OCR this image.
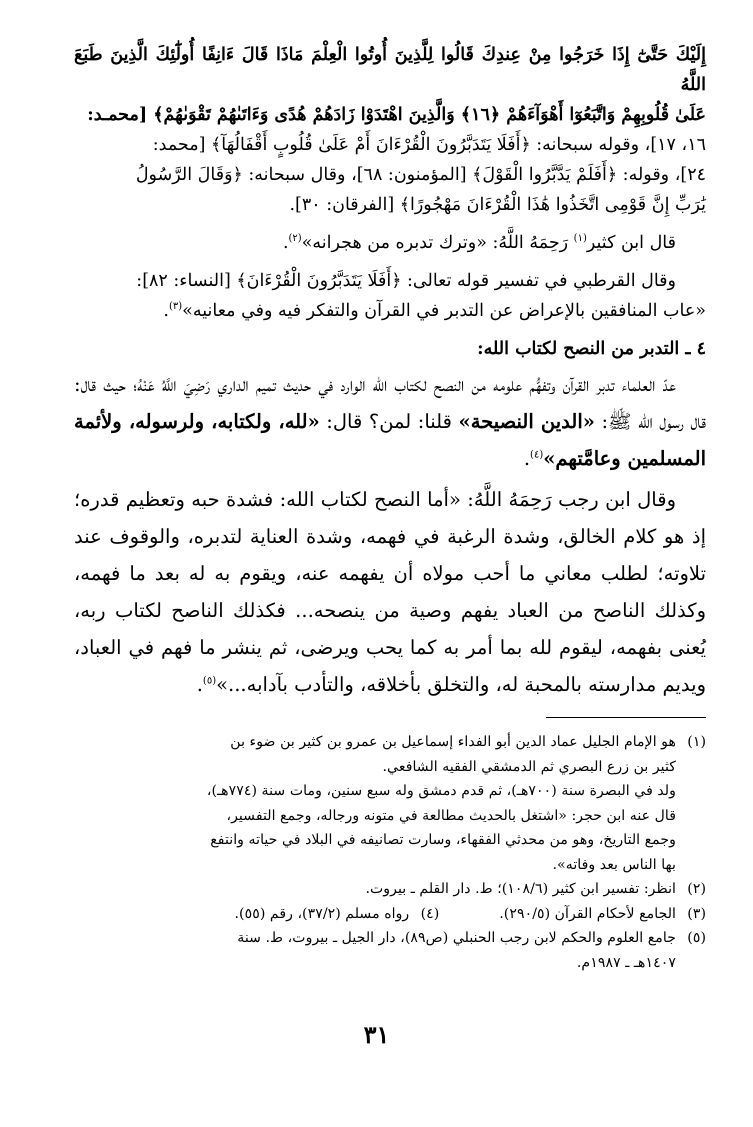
إِلَيْكَ حَتَّىٰٓ إِذَا خَرَجُوا مِنْ عِندِكَ قَالُوا لِلَّذِينَ أُوتُوا الْعِلْمَ مَاذَا قَالَ ءَانِفًا أُولَٰٓئِكَ الَّذِينَ طَبَعَ اللَّهُ

عَلَىٰ قُلُوبِهِمْ وَاتَّبَعُوٓا أَهْوَآءَهُمْ ﴿١٦﴾ وَالَّذِينَ اهْتَدَوْا زَادَهُمْ هُدًى وَءَاتَىٰهُمْ تَقْوَىٰهُمْ﴾ [محمـد:

١٦، ١٧]، وقوله سبحانه: ﴿أَفَلَا يَتَدَبَّرُونَ الْقُرْءَانَ أَمْ عَلَىٰ قُلُوبٍ أَقْفَالُهَآ﴾ [محمد:

٢٤]، وقوله: ﴿أَفَلَمْ يَدَّبَّرُوا الْقَوْلَ﴾ [المؤمنون: ٦٨]، وقال سبحانه: ﴿وَقَالَ الرَّسُولُ

يَٰرَبِّ إِنَّ قَوْمِى اتَّخَذُوا هَٰذَا الْقُرْءَانَ مَهْجُورًا﴾ [الفرقان: ٣٠].

قال ابن كثير$^{(١)}$ رَحِمَهُ اللَّهُ: «وترك تدبره من هجرانه»$^{(٢)}$.

وقال القرطبي في تفسير قوله تعالى: ﴿أَفَلَا يَتَدَبَّرُونَ الْقُرْءَانَ﴾ [النساء: ٨٢]:

«عاب المنافقين بالإعراض عن التدبر في القرآن والتفكر فيه وفي معانيه»$^{(٣)}$.

٤ ـ التدبر من النصح لكتاب الله:

عدّ العلماء تدبر القرآن وتفهُّم علومه من النصح لكتاب الله الوارد في حديث تميم الداري رَضِيَ اللَّهُ عَنْهُ؛ حيث قال: قال رسول الله ﷺ: «الدين النصيحة» قلنا: لمن؟ قال: «لله، ولكتابه، ولرسوله، ولأئمة المسلمين وعامَّتهم»$^{(٤)}$.

وقال ابن رجب رَحِمَهُ اللَّهُ: «أما النصح لكتاب الله: فشدة حبه وتعظيم قدره؛ إذ هو كلام الخالق، وشدة الرغبة في فهمه، وشدة العناية لتدبره، والوقوف عند تلاوته؛ لطلب معاني ما أحب مولاه أن يفهمه عنه، ويقوم به له بعد ما فهمه، وكذلك الناصح من العباد يفهم وصية من ينصحه... فكذلك الناصح لكتاب ربه، يُعنى بفهمه، ليقوم لله بما أمر به كما يحب ويرضى، ثم ينشر ما فهم في العباد، ويديم مدارسته بالمحبة له، والتخلق بأخلاقه، والتأدب بآدابه...»$^{(٥)}$.

(١)هو الإمام الجليل عماد الدين أبو الفداء إسماعيل بن عمرو بن كثير بن ضوء بن

كثير بن زرع البصري ثم الدمشقي الفقيه الشافعي.

ولد في البصرة سنة (٧٠٠هـ)، ثم قدم دمشق وله سبع سنين، ومات سنة (٧٧٤هـ)،

قال عنه ابن حجر: «اشتغل بالحديث مطالعة في متونه ورجاله، وجمع التفسير،

وجمع التاريخ، وهو من محدثي الفقهاء، وسارت تصانيفه في البلاد في حياته وانتفع

بها الناس بعد وفاته».

(٢)انظر: تفسير ابن كثير (١٠٨/٦)؛ ط. دار القلم ـ بيروت.

(٣)الجامع لأحكام القرآن (٢٩٠/٥).
(٤)رواه مسلم (٣٧/٢)، رقم (٥٥).

(٥)جامع العلوم والحكم لابن رجب الحنبلي (ص٨٩)، دار الجيل ـ بيروت، ط. سنة

١٤٠٧هـ ـ ١٩٨٧م.

٣١
